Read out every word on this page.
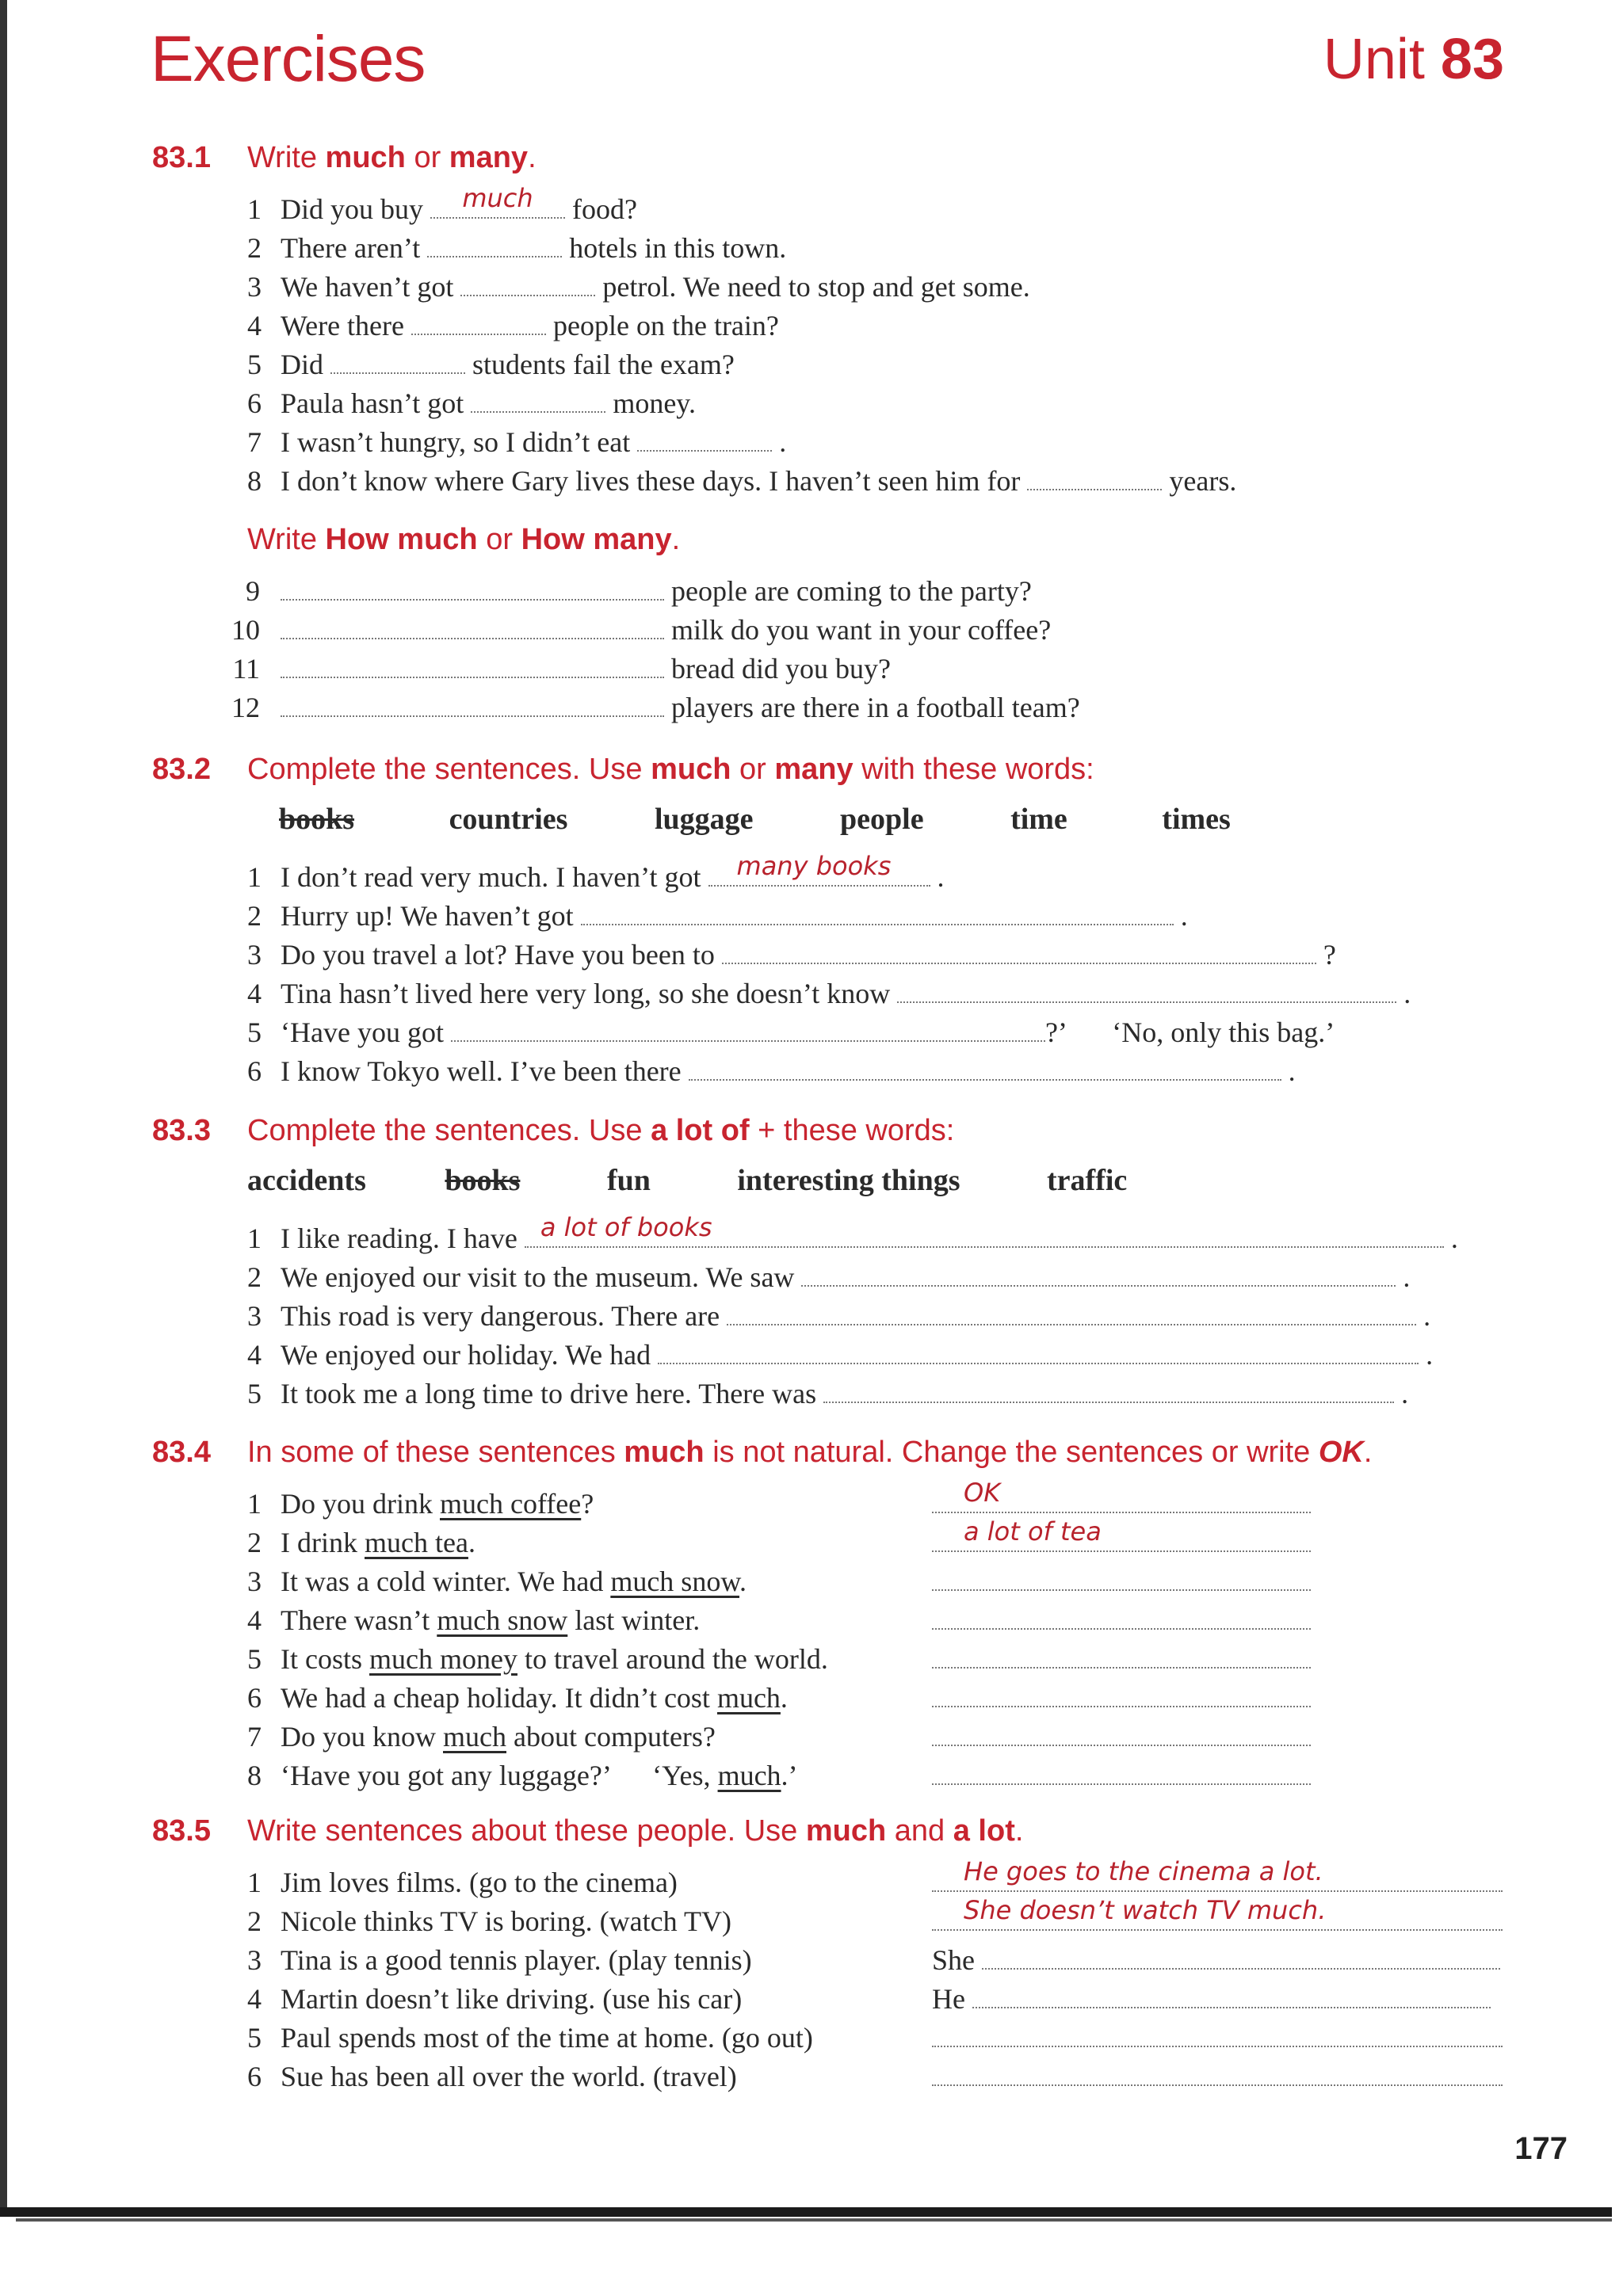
Exercises	Unit 83
83.1 Write much or many.
1 Did you buy much food?
2 There aren’t	hotels in this town.
3 We haven’t got	petrol. We need to stop and get some.
4 Were there	people on the train?
5 Did	students fail the exam?
6 Paula hasn’t got	money.
7 I wasn’t hungry, so I didn’t eat	.
8 I don’t know where Gary lives these days. I haven’t seen him for	years.
Write How much or How many.
9	people are coming to the party?
10	milk do you want in your coffee?
11	bread did you buy?
12	players are there in a football team?
83.2 Complete the sentences. Use much or many with these words:
books	countries	luggage	people	time	times
1 I don’t read very much. I haven’t got many books .
2 Hurry up! We haven’t got	.
3 Do you travel a lot? Have you been to	?
4 Tina hasn’t lived here very long, so she doesn’t know	.
5 ‘Have you got	?’ ‘No, only this bag.’
6 I know Tokyo well. I’ve been there	.
83.3 Complete the sentences. Use a lot of + these words:
accidents	books	fun	interesting things	traffic
1 I like reading. I have a lot of books	.
2 We enjoyed our visit to the museum. We saw	.
3 This road is very dangerous. There are	.
4 We enjoyed our holiday. We had	.
5 It took me a long time to drive here. There was	.
83.4 In some of these sentences much is not natural. Change the sentences or write OK.
1 Do you drink much coffee?
2 I drink much tea.
3 It was a cold winter. We had much snow.
4 There wasn’t much snow last winter.
5 It costs much money to travel around the world.
6 We had a cheap holiday. It didn’t cost much.
7 Do you know much about computers?
8 ‘Have you got any luggage?’      ‘Yes, much.’
OK
a lot of tea
83.5 Write sentences about these people. Use much and a lot.
1 Jim loves films. (go to the cinema)
2 Nicole thinks TV is boring. (watch TV)
3 Tina is a good tennis player. (play tennis)
4 Martin doesn’t like driving. (use his car)
5 Paul spends most of the time at home. (go out)
6 Sue has been all over the world. (travel)
He goes to the cinema a lot.
She doesn’t watch TV much.
She
He
177
